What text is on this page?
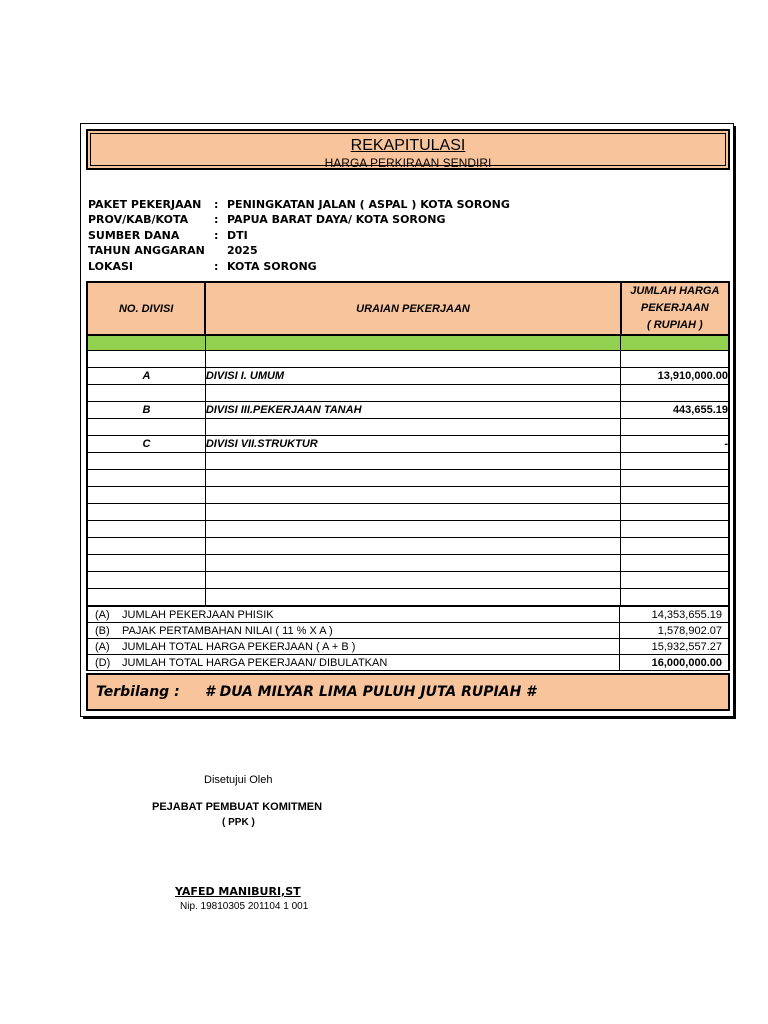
REKAPITULASI
HARGA PERKIRAAN SENDIRI
PAKET PEKERJAAN : PENINGKATAN JALAN ( ASPAL ) KOTA SORONG
PROV/KAB/KOTA : PAPUA BARAT DAYA/ KOTA SORONG
SUMBER DANA	: DTI
TAHUN ANGGARAN 2025
LOKASI	: KOTA SORONG
NO. DIVISI	URAIAN PEKERJAAN	JUMLAH HARGA
PEKERJAAN
( RUPIAH )

A	DIVISI I. UMUM	13,910,000.00

B	DIVISI III.PEKERJAAN TANAH	443,655.19

C	DIVISI VII.STRUKTUR	-

(A) JUMLAH PEKERJAAN PHISIK	14,353,655.19
(B) PAJAK PERTAMBAHAN NILAI ( 11 % X A )	1,578,902.07
(A) JUMLAH TOTAL HARGA PEKERJAAN ( A + B )	15,932,557.27
(D) JUMLAH TOTAL HARGA PEKERJAAN/ DIBULATKAN	16,000,000.00
Terbilang : # DUA MILYAR LIMA PULUH JUTA RUPIAH #
Disetujui Oleh
PEJABAT PEMBUAT KOMITMEN
( PPK )
YAFED MANIBURI,ST
Nip. 19810305 201104 1 001
